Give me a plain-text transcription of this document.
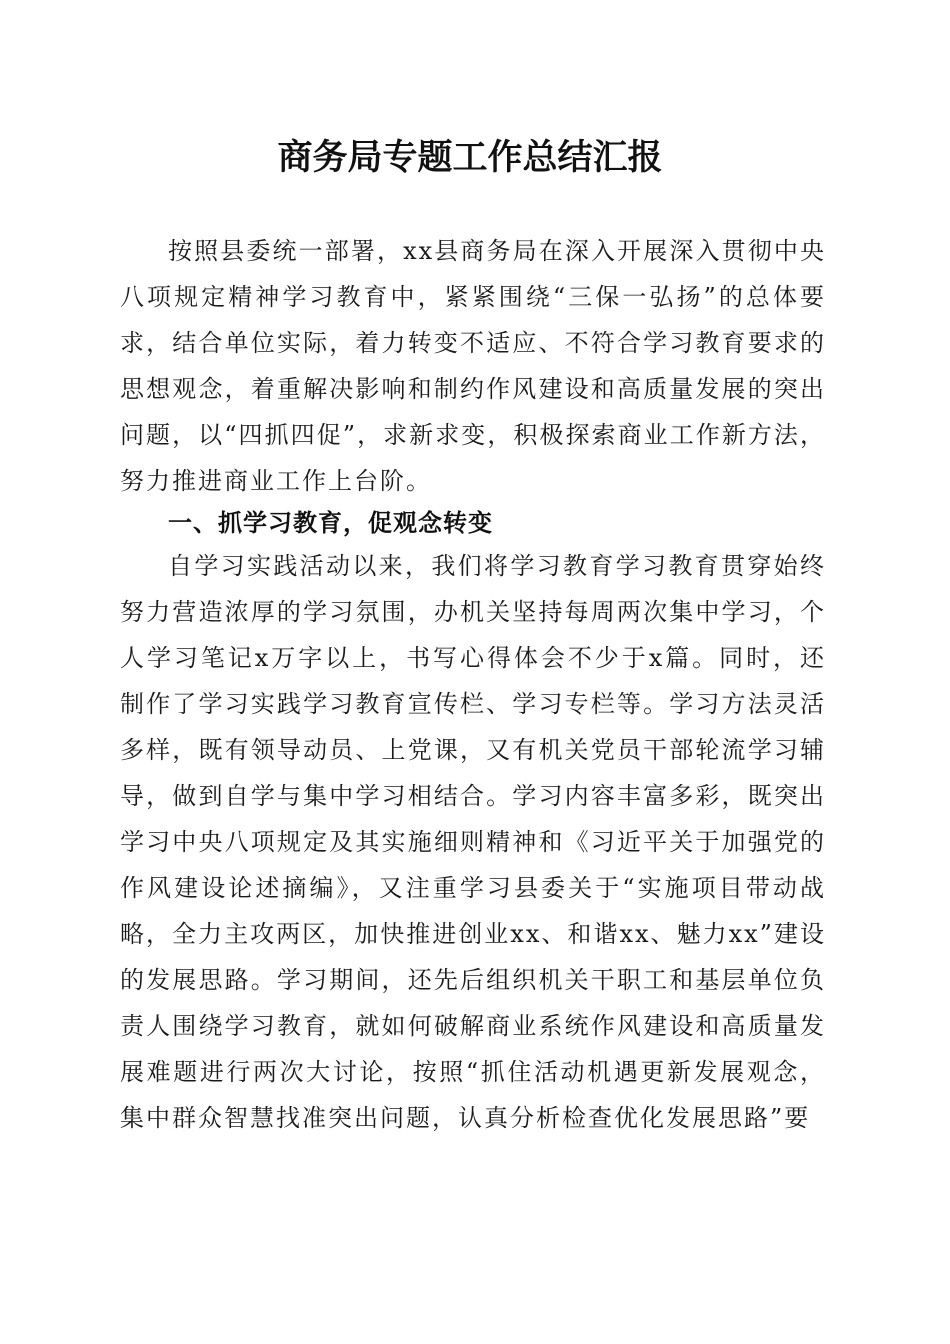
商务局专题工作总结汇报

按照县委统一部署，xx县商务局在深入开展深入贯彻中央八项规定精神学习教育中，紧紧围绕“三保一弘扬”的总体要求，结合单位实际，着力转变不适应、不符合学习教育要求的思想观念，着重解决影响和制约作风建设和高质量发展的突出问题，以“四抓四促”，求新求变，积极探索商业工作新方法，努力推进商业工作上台阶。

一、抓学习教育，促观念转变

自学习实践活动以来，我们将学习教育学习教育贯穿始终努力营造浓厚的学习氛围，办机关坚持每周两次集中学习，个人学习笔记x万字以上，书写心得体会不少于x篇。同时，还制作了学习实践学习教育宣传栏、学习专栏等。学习方法灵活多样，既有领导动员、上党课，又有机关党员干部轮流学习辅导，做到自学与集中学习相结合。学习内容丰富多彩，既突出学习中央八项规定及其实施细则精神和《习近平关于加强党的作风建设论述摘编》，又注重学习县委关于“实施项目带动战略，全力主攻两区，加快推进创业xx、和谐xx、魅力xx”建设的发展思路。学习期间，还先后组织机关干职工和基层单位负责人围绕学习教育，就如何破解商业系统作风建设和高质量发展难题进行两次大讨论，按照“抓住活动机遇更新发展观念，集中群众智慧找准突出问题，认真分析检查优化发展思路”要
